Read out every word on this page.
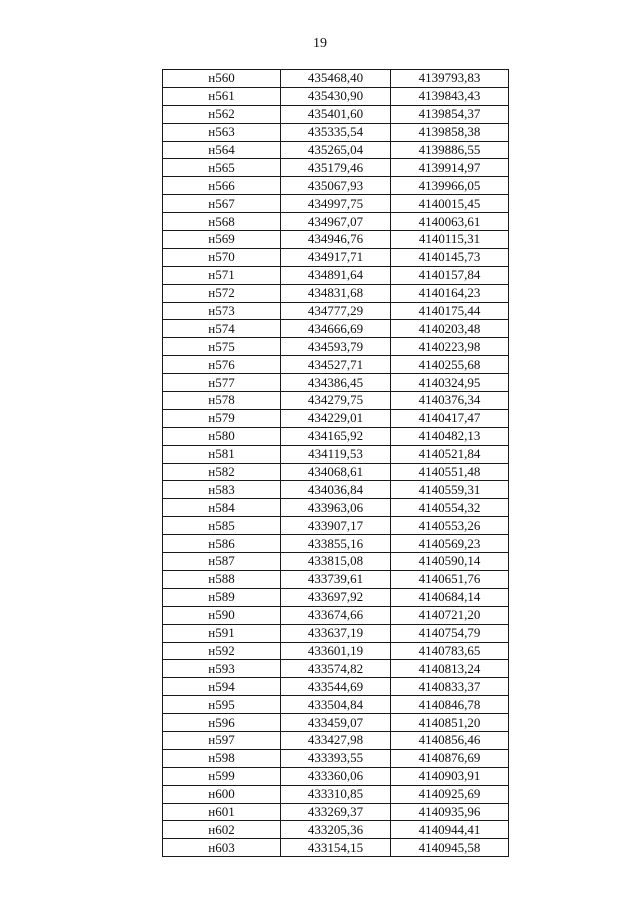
19
н560	435468,40	4139793,83
н561	435430,90	4139843,43
н562	435401,60	4139854,37
н563	435335,54	4139858,38
н564	435265,04	4139886,55
н565	435179,46	4139914,97
н566	435067,93	4139966,05
н567	434997,75	4140015,45
н568	434967,07	4140063,61
н569	434946,76	4140115,31
н570	434917,71	4140145,73
н571	434891,64	4140157,84
н572	434831,68	4140164,23
н573	434777,29	4140175,44
н574	434666,69	4140203,48
н575	434593,79	4140223,98
н576	434527,71	4140255,68
н577	434386,45	4140324,95
н578	434279,75	4140376,34
н579	434229,01	4140417,47
н580	434165,92	4140482,13
н581	434119,53	4140521,84
н582	434068,61	4140551,48
н583	434036,84	4140559,31
н584	433963,06	4140554,32
н585	433907,17	4140553,26
н586	433855,16	4140569,23
н587	433815,08	4140590,14
н588	433739,61	4140651,76
н589	433697,92	4140684,14
н590	433674,66	4140721,20
н591	433637,19	4140754,79
н592	433601,19	4140783,65
н593	433574,82	4140813,24
н594	433544,69	4140833,37
н595	433504,84	4140846,78
н596	433459,07	4140851,20
н597	433427,98	4140856,46
н598	433393,55	4140876,69
н599	433360,06	4140903,91
н600	433310,85	4140925,69
н601	433269,37	4140935,96
н602	433205,36	4140944,41
н603	433154,15	4140945,58
